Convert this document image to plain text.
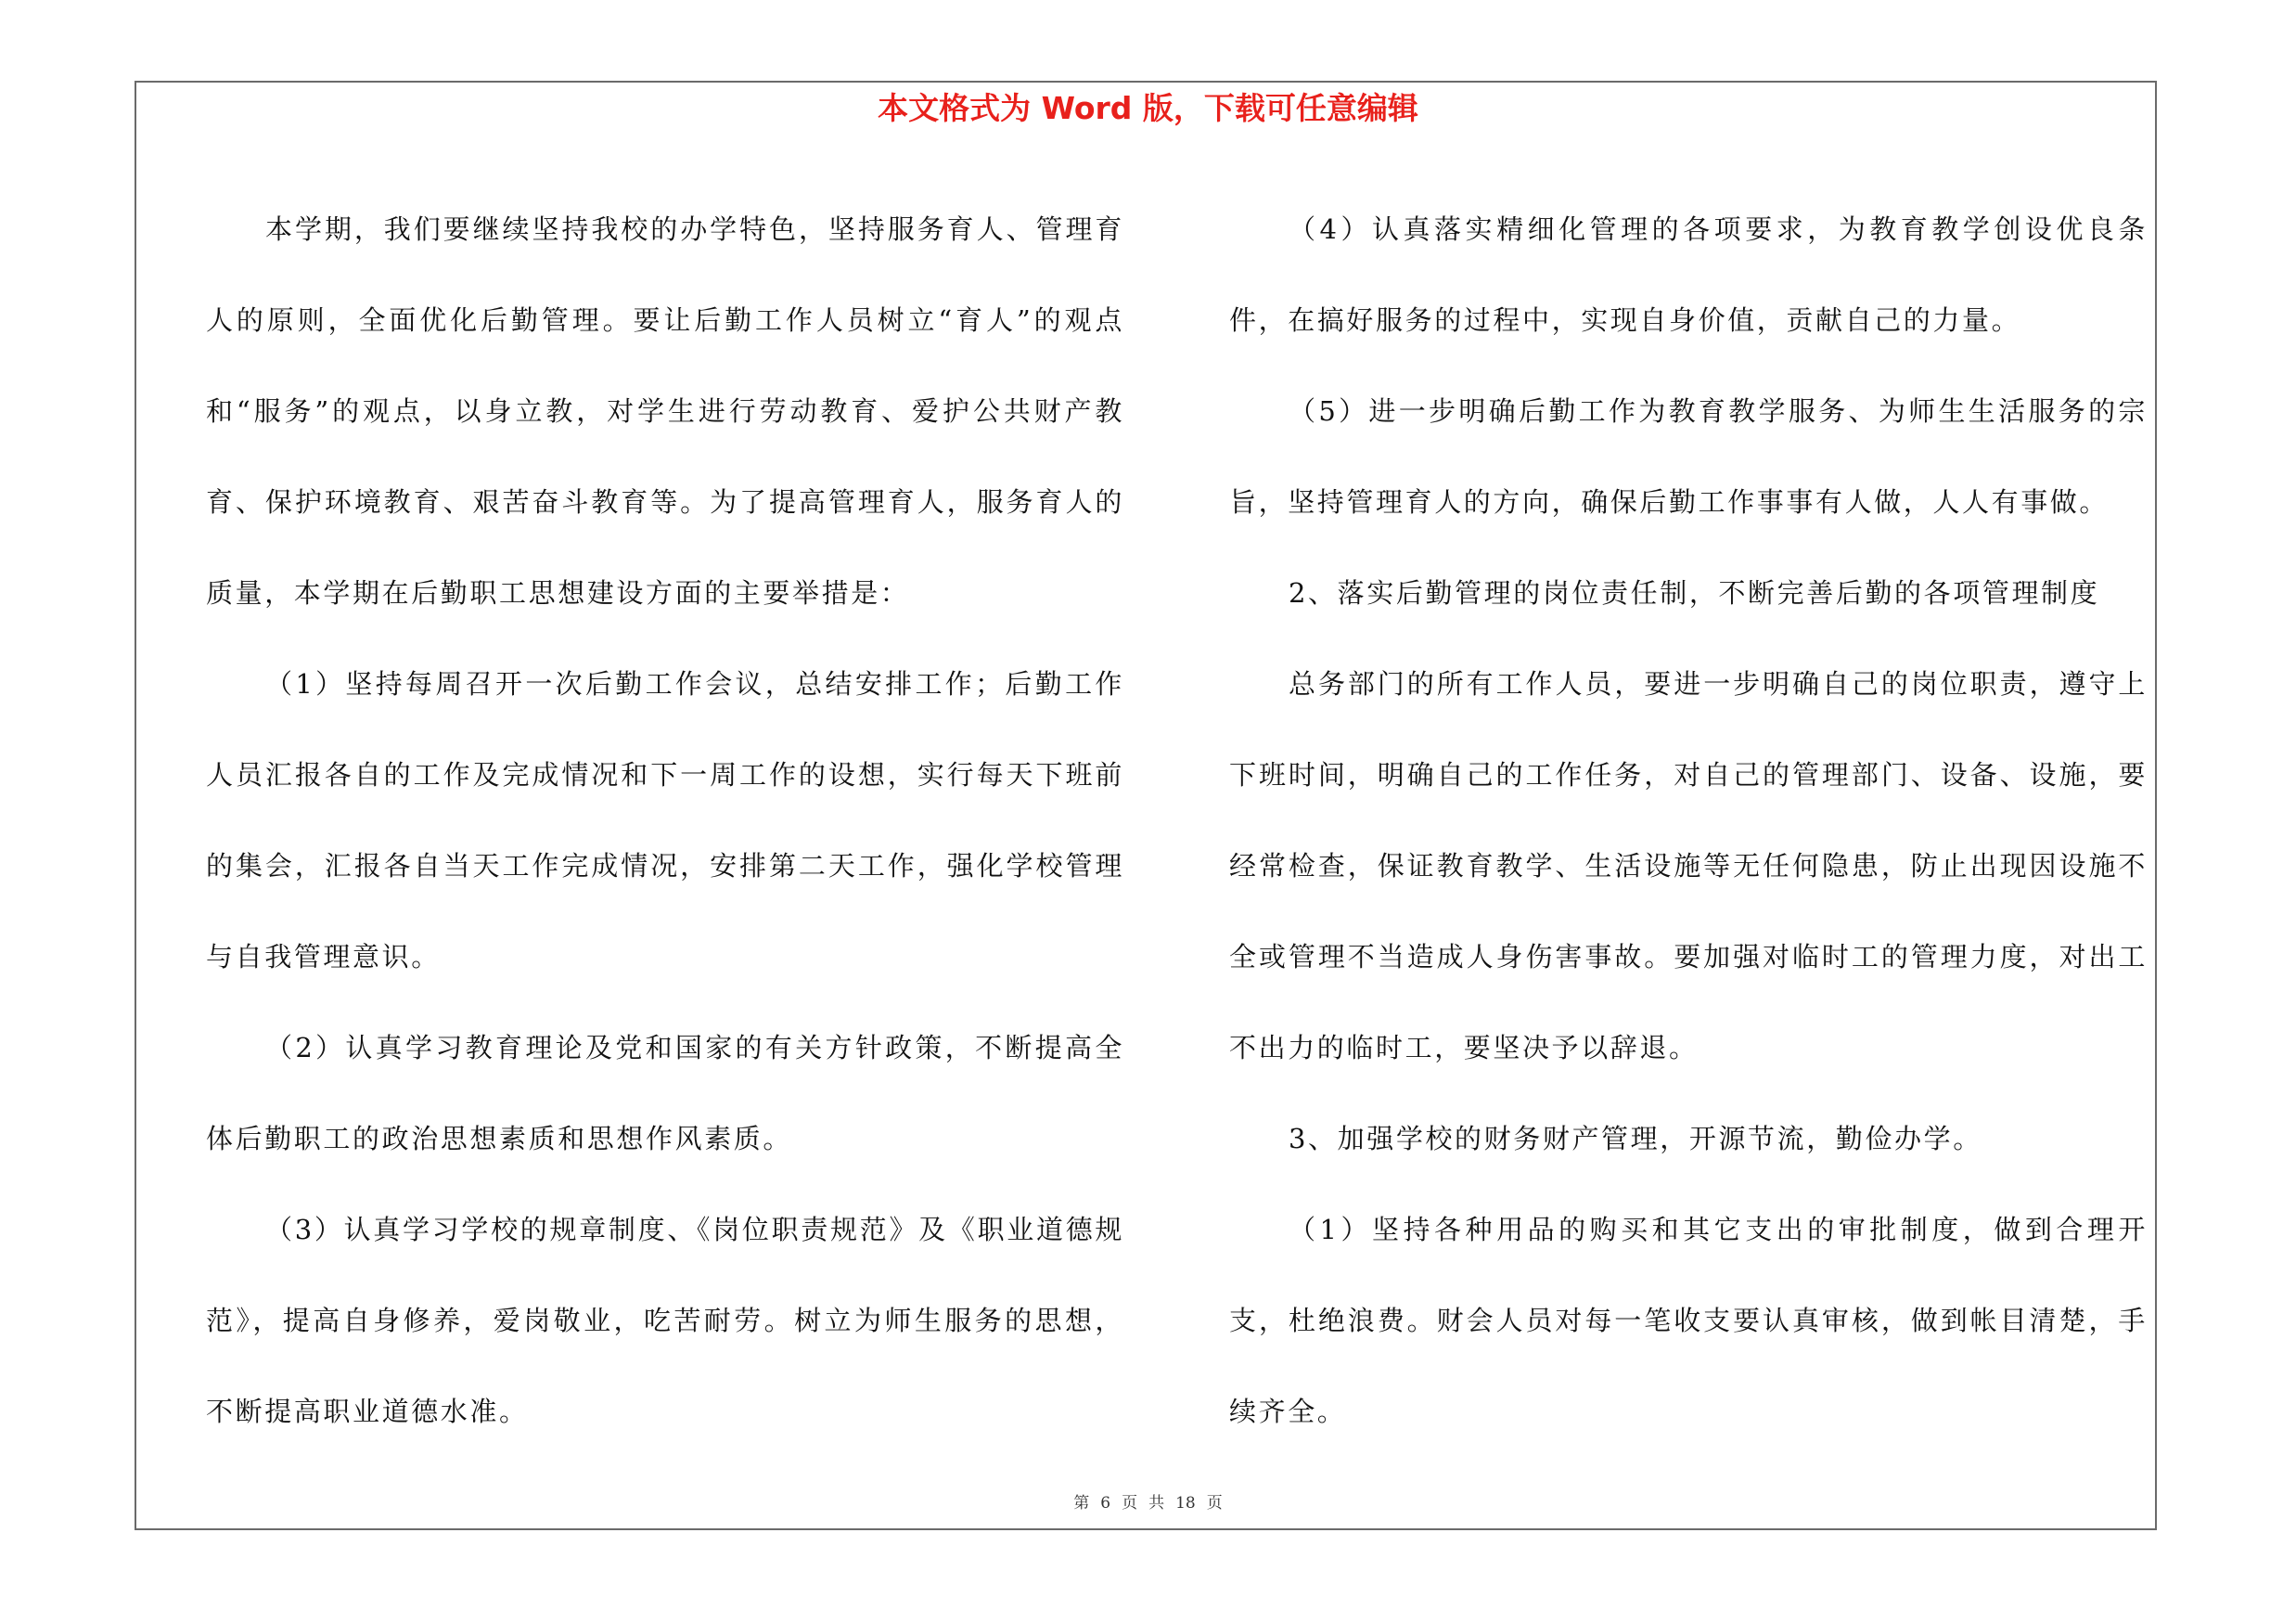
本文格式为 Word 版，下载可任意编辑

本学期，我们要继续坚持我校的办学特色，坚持服务育人、管理育人的原则，全面优化后勤管理。要让后勤工作人员树立“育人”的观点和“服务”的观点，以身立教，对学生进行劳动教育、爱护公共财产教育、保护环境教育、艰苦奋斗教育等。为了提高管理育人，服务育人的质量，本学期在后勤职工思想建设方面的主要举措是：

（1）坚持每周召开一次后勤工作会议，总结安排工作；后勤工作人员汇报各自的工作及完成情况和下一周工作的设想，实行每天下班前的集会，汇报各自当天工作完成情况，安排第二天工作，强化学校管理与自我管理意识。

（2）认真学习教育理论及党和国家的有关方针政策，不断提高全体后勤职工的政治思想素质和思想作风素质。

（3）认真学习学校的规章制度、《岗位职责规范》及《职业道德规范》，提高自身修养，爱岗敬业，吃苦耐劳。树立为师生服务的思想，不断提高职业道德水准。

（4）认真落实精细化管理的各项要求，为教育教学创设优良条件，在搞好服务的过程中，实现自身价值，贡献自己的力量。

（5）进一步明确后勤工作为教育教学服务、为师生生活服务的宗旨，坚持管理育人的方向，确保后勤工作事事有人做，人人有事做。

2、落实后勤管理的岗位责任制，不断完善后勤的各项管理制度

总务部门的所有工作人员，要进一步明确自己的岗位职责，遵守上下班时间，明确自己的工作任务，对自己的管理部门、设备、设施，要经常检查，保证教育教学、生活设施等无任何隐患，防止出现因设施不全或管理不当造成人身伤害事故。要加强对临时工的管理力度，对出工不出力的临时工，要坚决予以辞退。

3、加强学校的财务财产管理，开源节流，勤俭办学。

（1）坚持各种用品的购买和其它支出的审批制度，做到合理开支，杜绝浪费。财会人员对每一笔收支要认真审核，做到帐目清楚，手续齐全。

第 6 页 共 18 页
